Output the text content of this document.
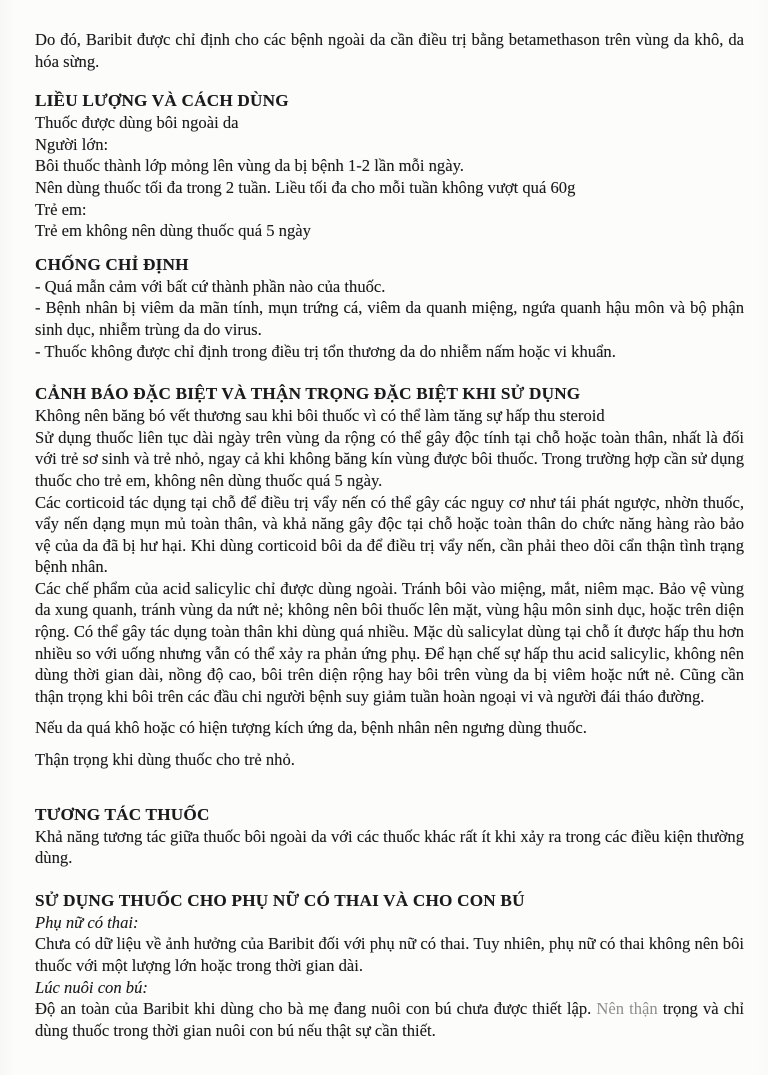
Do đó, Baribit được chỉ định cho các bệnh ngoài da cần điều trị bằng betamethason trên vùng da khô, da hóa sừng.

LIỀU LƯỢNG VÀ CÁCH DÙNG

Thuốc được dùng bôi ngoài da

Người lớn:

Bôi thuốc thành lớp mỏng lên vùng da bị bệnh 1-2 lần mỗi ngày.

Nên dùng thuốc tối đa trong 2 tuần. Liều tối đa cho mỗi tuần không vượt quá 60g

Trẻ em:

Trẻ em không nên dùng thuốc quá 5 ngày

CHỐNG CHỈ ĐỊNH

- Quá mẫn cảm với bất cứ thành phần nào của thuốc.

- Bệnh nhân bị viêm da mãn tính, mụn trứng cá, viêm da quanh miệng, ngứa quanh hậu môn và bộ phận sinh dục, nhiễm trùng da do virus.

- Thuốc không được chỉ định trong điều trị tổn thương da do nhiễm nấm hoặc vi khuẩn.

CẢNH BÁO ĐẶC BIỆT VÀ THẬN TRỌNG ĐẶC BIỆT KHI SỬ DỤNG

Không nên băng bó vết thương sau khi bôi thuốc vì có thể làm tăng sự hấp thu steroid

Sử dụng thuốc liên tục dài ngày trên vùng da rộng có thể gây độc tính tại chỗ hoặc toàn thân, nhất là đối với trẻ sơ sinh và trẻ nhỏ, ngay cả khi không băng kín vùng được bôi thuốc. Trong trường hợp cần sử dụng thuốc cho trẻ em, không nên dùng thuốc quá 5 ngày.

Các corticoid tác dụng tại chỗ để điều trị vẩy nến có thể gây các nguy cơ như tái phát ngược, nhờn thuốc, vẩy nến dạng mụn mủ toàn thân, và khả năng gây độc tại chỗ hoặc toàn thân do chức năng hàng rào bảo vệ của da đã bị hư hại. Khi dùng corticoid bôi da để điều trị vẩy nến, cần phải theo dõi cẩn thận tình trạng bệnh nhân.

Các chế phẩm của acid salicylic chỉ được dùng ngoài. Tránh bôi vào miệng, mắt, niêm mạc. Bảo vệ vùng da xung quanh, tránh vùng da nứt nẻ; không nên bôi thuốc lên mặt, vùng hậu môn sinh dục, hoặc trên diện rộng. Có thể gây tác dụng toàn thân khi dùng quá nhiều. Mặc dù salicylat dùng tại chỗ ít được hấp thu hơn nhiều so với uống nhưng vẫn có thể xảy ra phản ứng phụ. Để hạn chế sự hấp thu acid salicylic, không nên dùng thời gian dài, nồng độ cao, bôi trên diện rộng hay bôi trên vùng da bị viêm hoặc nứt nẻ. Cũng cần thận trọng khi bôi trên các đầu chi người bệnh suy giảm tuần hoàn ngoại vi và người đái tháo đường.

Nếu da quá khô hoặc có hiện tượng kích ứng da, bệnh nhân nên ngưng dùng thuốc.

Thận trọng khi dùng thuốc cho trẻ nhỏ.

TƯƠNG TÁC THUỐC

Khả năng tương tác giữa thuốc bôi ngoài da với các thuốc khác rất ít khi xảy ra trong các điều kiện thường dùng.

SỬ DỤNG THUỐC CHO PHỤ NỮ CÓ THAI VÀ CHO CON BÚ

Phụ nữ có thai:

Chưa có dữ liệu về ảnh hưởng của Baribit đối với phụ nữ có thai. Tuy nhiên, phụ nữ có thai không nên bôi thuốc với một lượng lớn hoặc trong thời gian dài.

Lúc nuôi con bú:

Độ an toàn của Baribit khi dùng cho bà mẹ đang nuôi con bú chưa được thiết lập. Nên thận trọng và chỉ dùng thuốc trong thời gian nuôi con bú nếu thật sự cần thiết.
